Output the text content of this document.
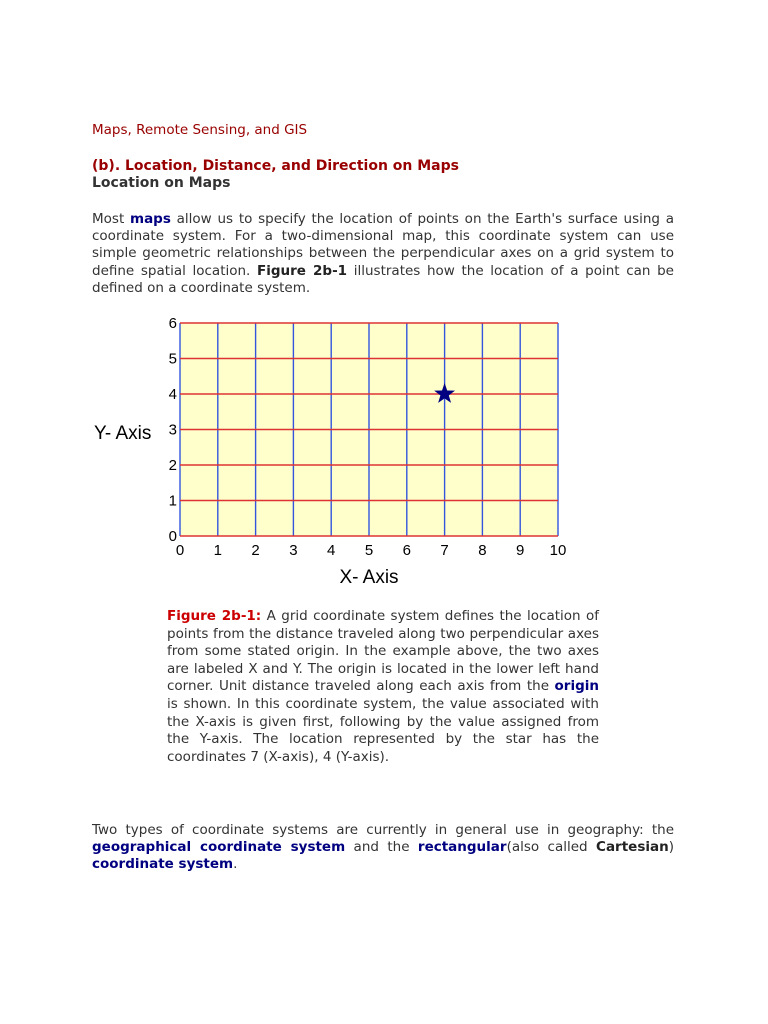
Maps, Remote Sensing, and GIS
(b). Location, Distance, and Direction on Maps
Location on Maps

Most maps allow us to specify the location of points on the Earth's surface using a coordinate system. For a two-dimensional map, this coordinate system can use simple geometric relationships between the perpendicular axes on a grid system to define spatial location. Figure 2b-1 illustrates how the location of a point can be defined on a coordinate system.

0 1 2 3 4 5 6 7 8 9 10
0
1
2
3
4
5
6
Y- Axis
X- Axis

Figure 2b-1: A grid coordinate system defines the location of points from the distance traveled along two perpendicular axes from some stated origin. In the example above, the two axes are labeled X and Y. The origin is located in the lower left hand corner. Unit distance traveled along each axis from the origin is shown. In this coordinate system, the value associated with the X-axis is given first, following by the value assigned from the Y-axis. The location represented by the star has the coordinates 7 (X-axis), 4 (Y-axis).

Two types of coordinate systems are currently in general use in geography: the geographical coordinate system and the rectangular(also called Cartesian) coordinate system.
